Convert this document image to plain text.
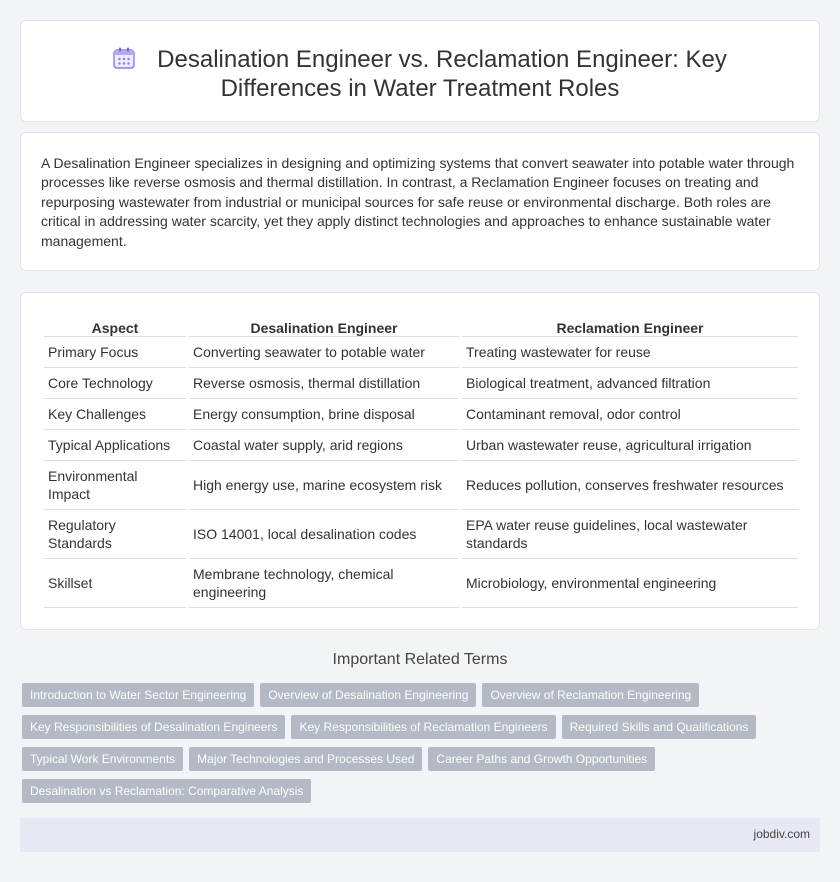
Desalination Engineer vs. Reclamation Engineer: Key Differences in Water Treatment Roles

A Desalination Engineer specializes in designing and optimizing systems that convert seawater into potable water through processes like reverse osmosis and thermal distillation. In contrast, a Reclamation Engineer focuses on treating and repurposing wastewater from industrial or municipal sources for safe reuse or environmental discharge. Both roles are critical in addressing water scarcity, yet they apply distinct technologies and approaches to enhance sustainable water management.

Aspect	Desalination Engineer	Reclamation Engineer
Primary Focus	Converting seawater to potable water	Treating wastewater for reuse
Core Technology	Reverse osmosis, thermal distillation	Biological treatment, advanced filtration
Key Challenges	Energy consumption, brine disposal	Contaminant removal, odor control
Typical Applications	Coastal water supply, arid regions	Urban wastewater reuse, agricultural irrigation
Environmental Impact	High energy use, marine ecosystem risk	Reduces pollution, conserves freshwater resources
Regulatory Standards	ISO 14001, local desalination codes	EPA water reuse guidelines, local wastewater standards
Skillset	Membrane technology, chemical engineering	Microbiology, environmental engineering
Important Related Terms
Introduction to Water Sector Engineering	Overview of Desalination Engineering	Overview of Reclamation Engineering
Key Responsibilities of Desalination Engineers	Key Responsibilities of Reclamation Engineers	Required Skills and Qualifications
Typical Work Environments	Major Technologies and Processes Used	Career Paths and Growth Opportunities
Desalination vs Reclamation: Comparative Analysis
jobdiv.com
